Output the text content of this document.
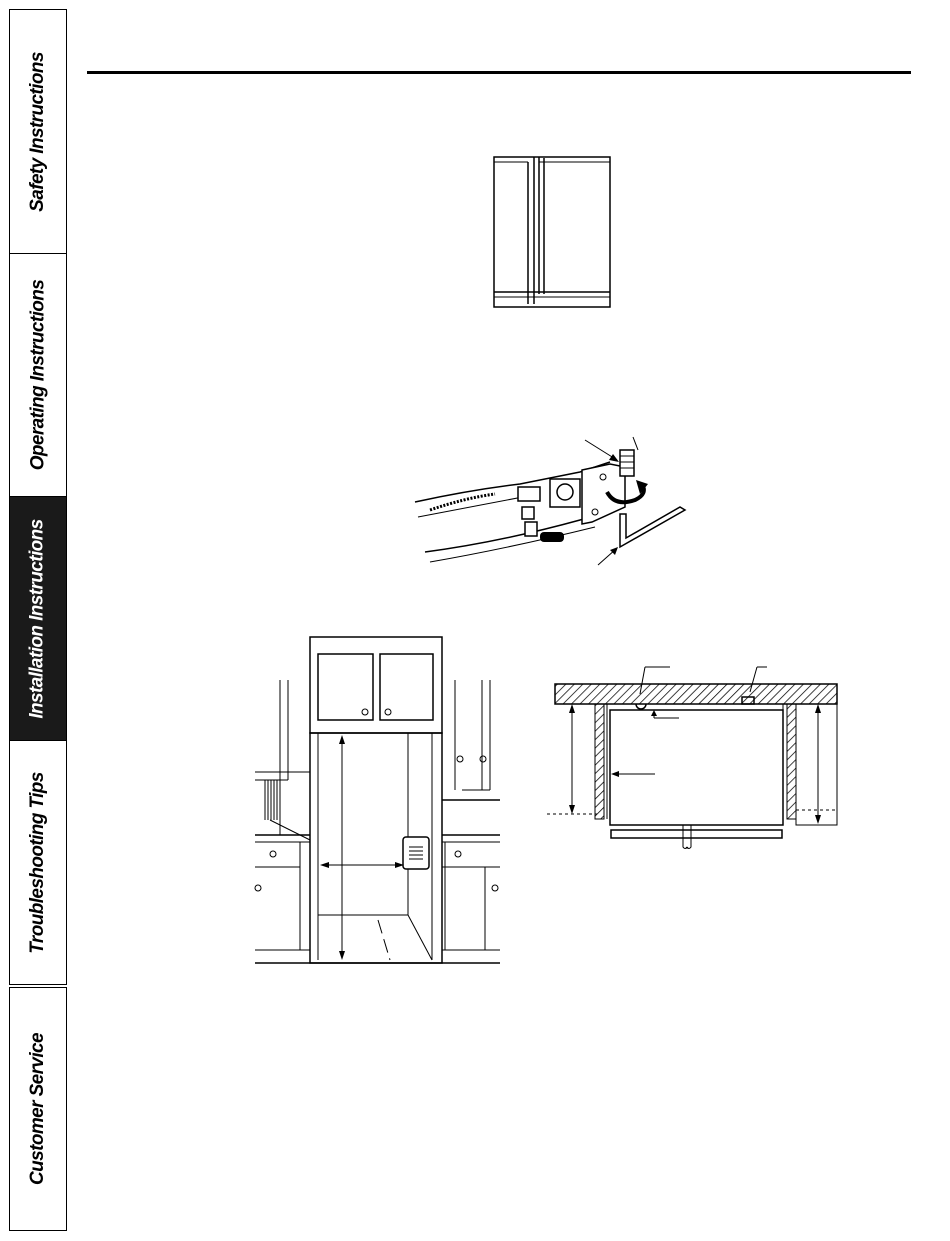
Safety Instructions
Operating Instructions
Installation Instructions
Troubleshooting Tips
Customer Service
